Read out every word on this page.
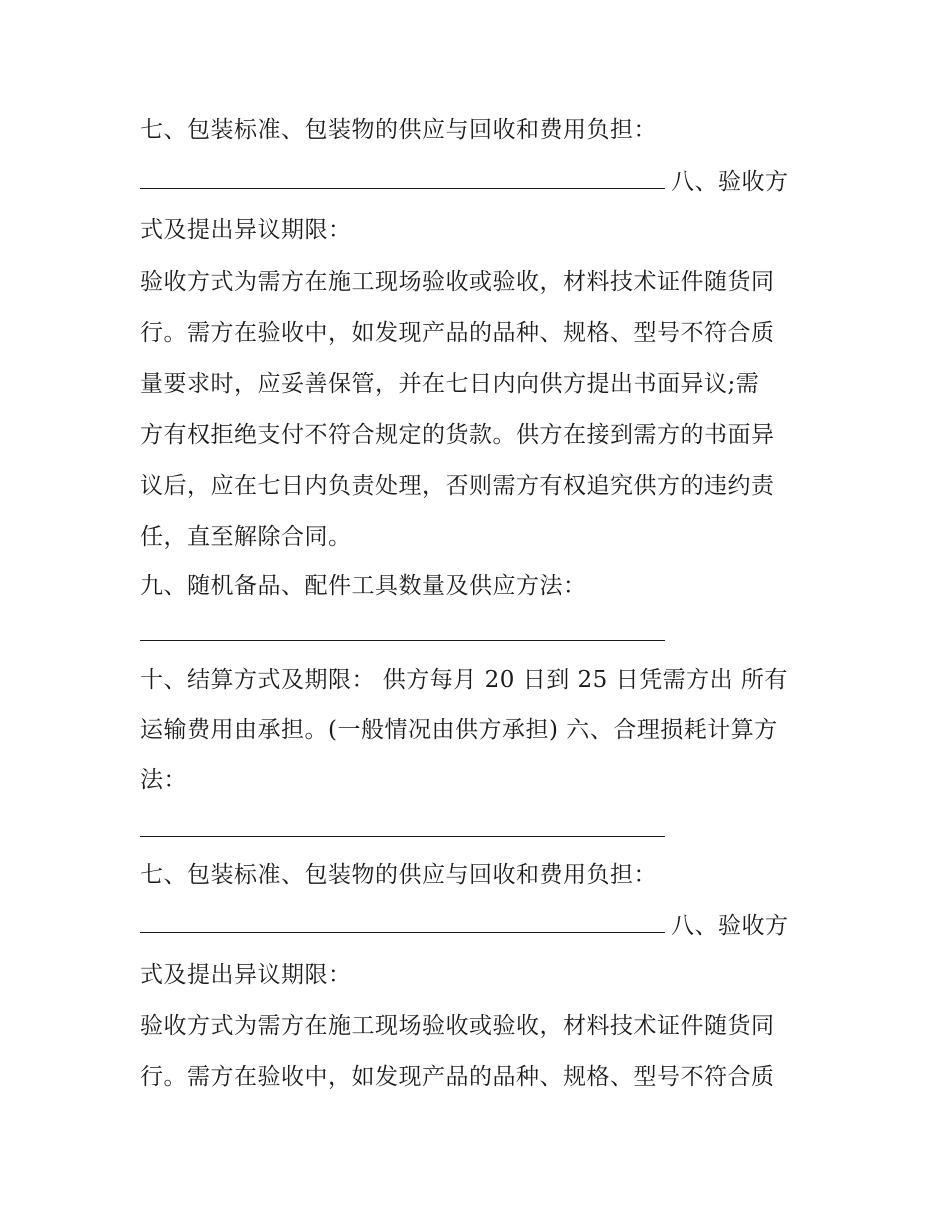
七、包装标准、包装物的供应与回收和费用负担：
八、验收方
式及提出异议期限：
验收方式为需方在施工现场验收或验收，材料技术证件随货同
行。需方在验收中，如发现产品的品种、规格、型号不符合质
量要求时，应妥善保管，并在七日内向供方提出书面异议;需
方有权拒绝支付不符合规定的货款。供方在接到需方的书面异
议后，应在七日内负责处理，否则需方有权追究供方的违约责
任，直至解除合同。
九、随机备品、配件工具数量及供应方法：
十、结算方式及期限： 供方每月 20 日到 25 日凭需方出 所有
运输费用由承担。(一般情况由供方承担) 六、合理损耗计算方
法：
七、包装标准、包装物的供应与回收和费用负担：
八、验收方
式及提出异议期限：
验收方式为需方在施工现场验收或验收，材料技术证件随货同
行。需方在验收中，如发现产品的品种、规格、型号不符合质
